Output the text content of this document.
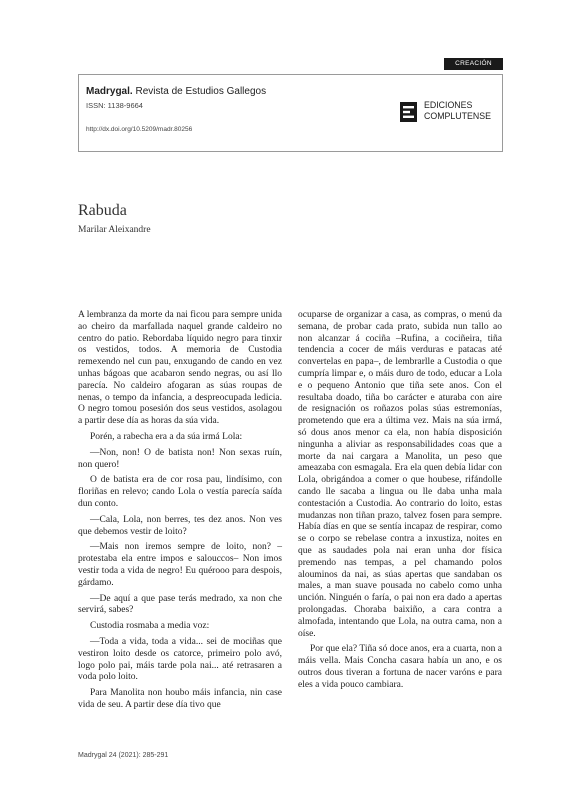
CREACIÓN
Madrygal. Revista de Estudios Gallegos
ISSN: 1138-9664
http://dx.doi.org/10.5209/madr.80256
EDICIONES
COMPLUTENSE
Rabuda
Marilar Aleixandre

A lembranza da morte da nai ficou para sempre unida ao cheiro da marfallada naquel grande caldeiro no centro do patio. Rebordaba líquido negro para tinxir os vestidos, todos. A memoria de Custodia remexendo nel cun pau, enxugando de cando en vez unhas bágoas que acabaron sendo negras, ou así llo parecía. No caldeiro afogaran as súas roupas de nenas, o tempo da infancia, a despreocupada ledicia. O negro tomou posesión dos seus vestidos, asolagou a partir dese día as horas da súa vida.

Porén, a rabecha era a da súa irmá Lola:

—Non, non! O de batista non! Non sexas ruín, non quero!

O de batista era de cor rosa pau, lindísimo, con floriñas en relevo; cando Lola o vestía parecía saída dun conto.

—Cala, Lola, non berres, tes dez anos. Non ves que debemos vestir de loito?

—Mais non iremos sempre de loito, non? –protestaba ela entre impos e salouccos– Non imos vestir toda a vida de negro! Eu quérooo para despois, gárdamo.

—De aquí a que pase terás medrado, xa non che servirá, sabes?

Custodia rosmaba a media voz:

—Toda a vida, toda a vida... sei de mociñas que vestiron loito desde os catorce, primeiro polo avó, logo polo pai, máis tarde pola nai... até retrasaren a voda polo loito.

Para Manolita non houbo máis infancia, nin case vida de seu. A partir dese día tivo que

ocuparse de organizar a casa, as compras, o menú da semana, de probar cada prato, subida nun tallo ao non alcanzar á cociña –Rufina, a cociñeira, tiña tendencia a cocer de máis verduras e patacas até convertelas en papa–, de lembrarlle a Custodia o que cumpría limpar e, o máis duro de todo, educar a Lola e o pequeno Antonio que tiña sete anos. Con el resultaba doado, tiña bo carácter e aturaba con aire de resignación os roñazos polas súas estremonías, prometendo que era a última vez. Mais na súa irmá, só dous anos menor ca ela, non había disposición ningunha a aliviar as responsabilidades coas que a morte da nai cargara a Manolita, un peso que ameazaba con esmagala. Era ela quen debía lidar con Lola, obrigándoa a comer o que houbese, rifándolle cando lle sacaba a lingua ou lle daba unha mala contestación a Custodia. Ao contrario do loito, estas mudanzas non tiñan prazo, talvez fosen para sempre. Había días en que se sentía incapaz de respirar, como se o corpo se rebelase contra a inxustiza, noites en que as saudades pola nai eran unha dor física premendo nas tempas, a pel chamando polos alouminos da nai, as súas apertas que sandaban os males, a man suave pousada no cabelo como unha unción. Ninguén o faría, o pai non era dado a apertas prolongadas. Choraba baixiño, a cara contra a almofada, intentando que Lola, na outra cama, non a oíse.

Por que ela? Tiña só doce anos, era a cuarta, non a máis vella. Mais Concha casara había un ano, e os outros dous tiveran a fortuna de nacer varóns e para eles a vida pouco cambiara.

Madrygal 24 (2021): 285-291
